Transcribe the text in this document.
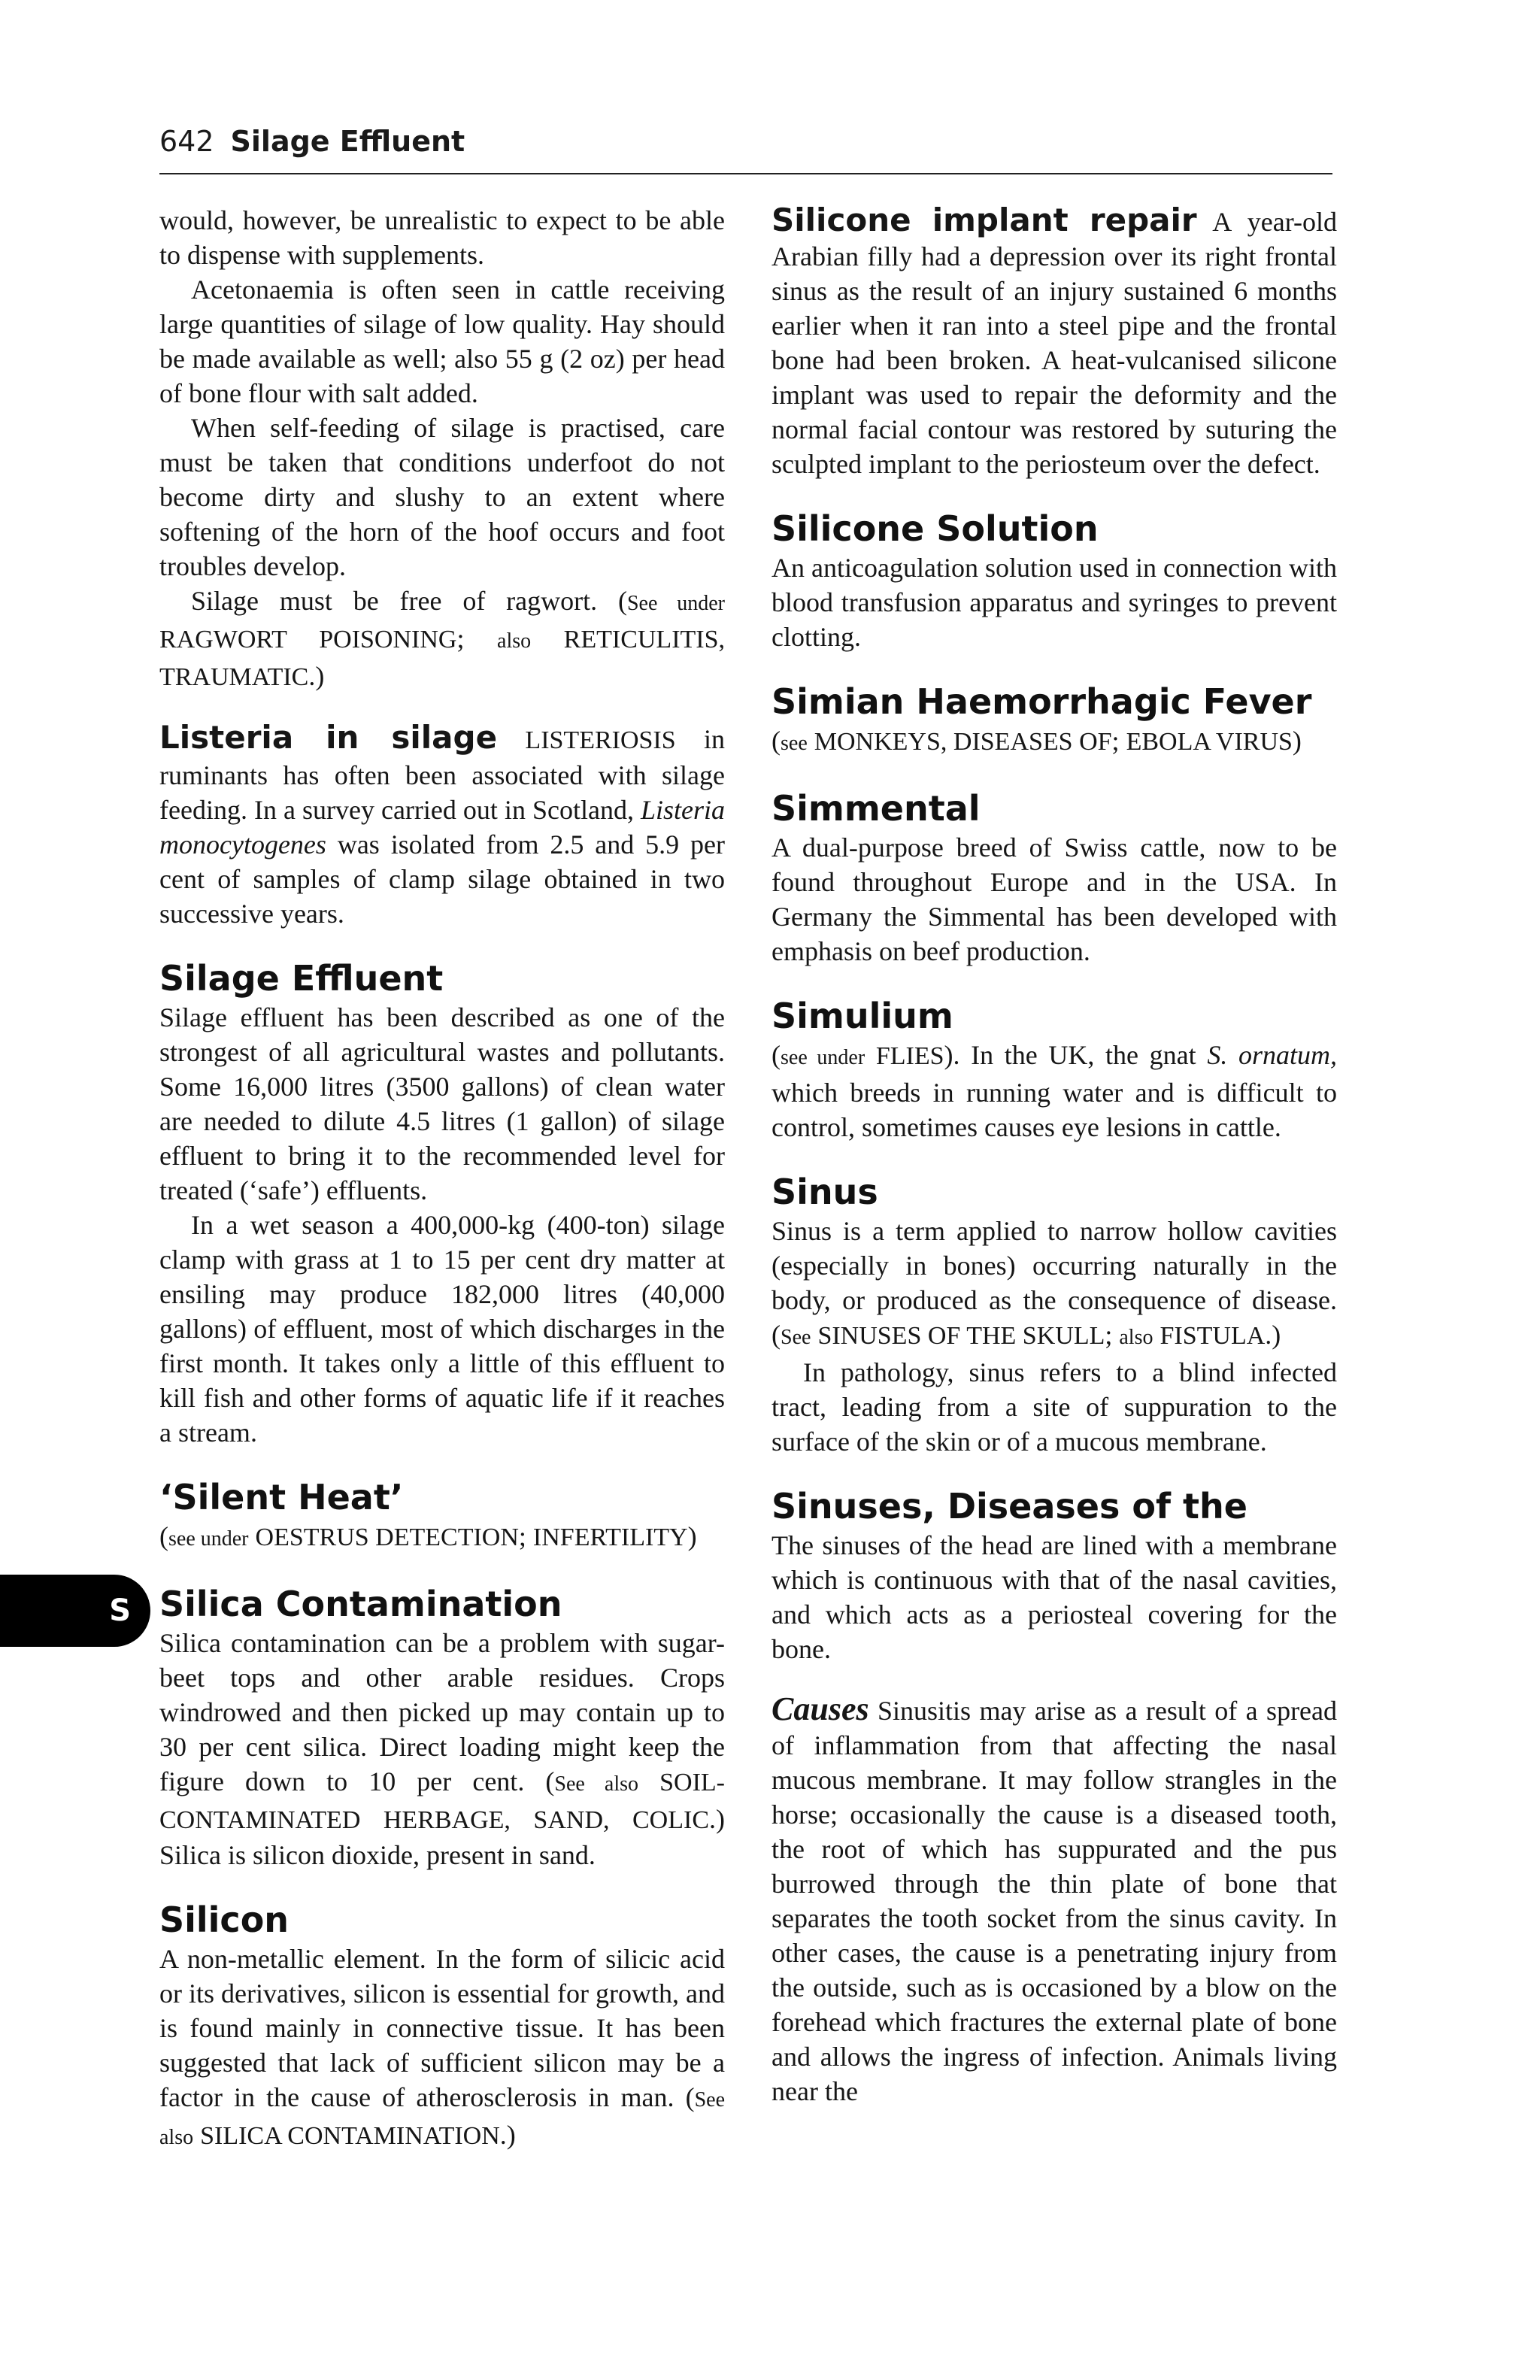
642 Silage Effluent
S

would, however, be unrealistic to expect to be able to dispense with supplements.

Acetonaemia is often seen in cattle receiving large quantities of silage of low quality. Hay should be made available as well; also 55 g (2 oz) per head of bone flour with salt added.

When self-feeding of silage is practised, care must be taken that conditions underfoot do not become dirty and slushy to an extent where softening of the horn of the hoof occurs and foot troubles develop.

Silage must be free of ragwort. (See under RAGWORT POISONING; also RETICULITIS, TRAUMATIC.)

Listeria in silage LISTERIOSIS in ruminants has often been associated with silage feeding. In a survey carried out in Scotland, Listeria monocytogenes was isolated from 2.5 and 5.9 per cent of samples of clamp silage obtained in two successive years.

Silage Effluent

Silage effluent has been described as one of the strongest of all agricultural wastes and pollutants. Some 16,000 litres (3500 gallons) of clean water are needed to dilute 4.5 litres (1 gallon) of silage effluent to bring it to the recommended level for treated (‘safe’) effluents.

In a wet season a 400,000-kg (400-ton) silage clamp with grass at 1 to 15 per cent dry matter at ensiling may produce 182,000 litres (40,000 gallons) of effluent, most of which discharges in the first month. It takes only a little of this effluent to kill fish and other forms of aquatic life if it reaches a stream.

‘Silent Heat’

(see under OESTRUS DETECTION; INFERTILITY)

Silica Contamination

Silica contamination can be a problem with sugar-beet tops and other arable residues. Crops windrowed and then picked up may contain up to 30 per cent silica. Direct loading might keep the figure down to 10 per cent. (See also SOIL-CONTAMINATED HERBAGE, SAND, COLIC.) Silica is silicon dioxide, present in sand.

Silicon

A non-metallic element. In the form of silicic acid or its derivatives, silicon is essential for growth, and is found mainly in connective tissue. It has been suggested that lack of sufficient silicon may be a factor in the cause of atherosclerosis in man. (See also SILICA CONTAMINATION.)

Silicone implant repair A year-old Arabian filly had a depression over its right frontal sinus as the result of an injury sustained 6 months earlier when it ran into a steel pipe and the frontal bone had been broken. A heat-vulcanised silicone implant was used to repair the deformity and the normal facial contour was restored by suturing the sculpted implant to the periosteum over the defect.

Silicone Solution

An anticoagulation solution used in connection with blood transfusion apparatus and syringes to prevent clotting.

Simian Haemorrhagic Fever

(see MONKEYS, DISEASES OF; EBOLA VIRUS)

Simmental

A dual-purpose breed of Swiss cattle, now to be found throughout Europe and in the USA. In Germany the Simmental has been developed with emphasis on beef production.

Simulium

(see under FLIES). In the UK, the gnat S. ornatum, which breeds in running water and is difficult to control, sometimes causes eye lesions in cattle.

Sinus

Sinus is a term applied to narrow hollow cavities (especially in bones) occurring naturally in the body, or produced as the consequence of disease. (See SINUSES OF THE SKULL; also FISTULA.)

In pathology, sinus refers to a blind infected tract, leading from a site of suppuration to the surface of the skin or of a mucous membrane.

Sinuses, Diseases of the

The sinuses of the head are lined with a membrane which is continuous with that of the nasal cavities, and which acts as a periosteal covering for the bone.

Causes Sinusitis may arise as a result of a spread of inflammation from that affecting the nasal mucous membrane. It may follow strangles in the horse; occasionally the cause is a diseased tooth, the root of which has suppurated and the pus burrowed through the thin plate of bone that separates the tooth socket from the sinus cavity. In other cases, the cause is a penetrating injury from the outside, such as is occasioned by a blow on the forehead which fractures the external plate of bone and allows the ingress of infection. Animals living near the
